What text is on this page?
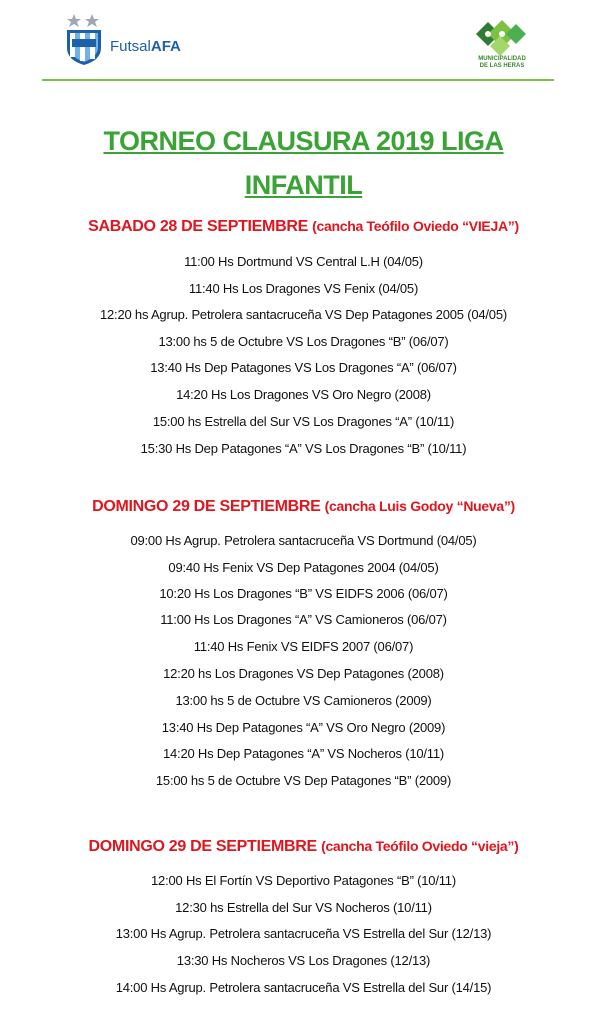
FutsalAFA
MUNICIPALIDAD
DE LAS HERAS
TORNEO CLAUSURA 2019 LIGA
INFANTIL
SABADO 28 DE SEPTIEMBRE (cancha Teófilo Oviedo “VIEJA”)
11:00 Hs Dortmund VS Central L.H (04/05)
11:40 Hs Los Dragones VS Fenix (04/05)
12:20 hs Agrup. Petrolera santacruceña VS Dep Patagones 2005 (04/05)
13:00 hs 5 de Octubre VS Los Dragones “B” (06/07)
13:40 Hs Dep Patagones VS Los Dragones “A” (06/07)
14:20 Hs Los Dragones VS Oro Negro (2008)
15:00 hs Estrella del Sur VS Los Dragones “A” (10/11)
15:30 Hs Dep Patagones “A” VS Los Dragones “B” (10/11)
DOMINGO 29 DE SEPTIEMBRE (cancha Luis Godoy “Nueva”)
09:00 Hs Agrup. Petrolera santacruceña VS Dortmund (04/05)
09:40 Hs Fenix VS Dep Patagones 2004 (04/05)
10:20 Hs Los Dragones “B” VS EIDFS 2006 (06/07)
11:00 Hs Los Dragones “A” VS Camioneros (06/07)
11:40 Hs Fenix VS EIDFS 2007 (06/07)
12:20 hs Los Dragones VS Dep Patagones (2008)
13:00 hs 5 de Octubre VS Camioneros (2009)
13:40 Hs Dep Patagones “A” VS Oro Negro (2009)
14:20 Hs Dep Patagones “A” VS Nocheros (10/11)
15:00 hs 5 de Octubre VS Dep Patagones “B” (2009)
DOMINGO 29 DE SEPTIEMBRE (cancha Teófilo Oviedo “vieja”)
12:00 Hs El Fortín VS Deportivo Patagones “B” (10/11)
12:30 hs Estrella del Sur VS Nocheros (10/11)
13:00 Hs Agrup. Petrolera santacruceña VS Estrella del Sur (12/13)
13:30 Hs Nocheros VS Los Dragones (12/13)
14:00 Hs Agrup. Petrolera santacruceña VS Estrella del Sur (14/15)
